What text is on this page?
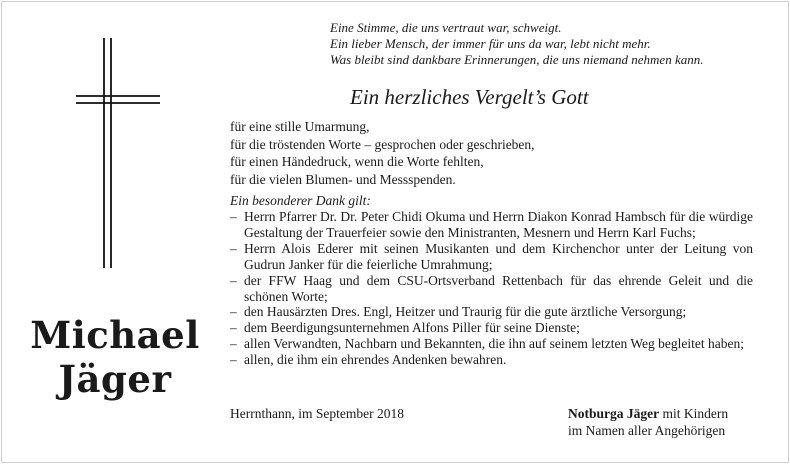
Michael
Jäger
Eine Stimme, die uns vertraut war, schweigt.
Ein lieber Mensch, der immer für uns da war, lebt nicht mehr.
Was bleibt sind dankbare Erinnerungen, die uns niemand nehmen kann.
Ein herzliches Vergelt’s Gott
für eine stille Umarmung,
für die tröstenden Worte – gesprochen oder geschrieben,
für einen Händedruck, wenn die Worte fehlten,
für die vielen Blumen- und Messspenden.
Ein besonderer Dank gilt:
– Herrn Pfarrer Dr. Dr. Peter Chidi Okuma und Herrn Diakon Konrad Hambsch für die würdige Gestaltung der Trauerfeier sowie den Ministranten, Mesnern und Herrn Karl Fuchs;
– Herrn Alois Ederer mit seinen Musikanten und dem Kirchenchor unter der Leitung von Gudrun Janker für die feierliche Umrahmung;
– der FFW Haag und dem CSU-Ortsverband Rettenbach für das ehrende Geleit und die schönen Worte;
– den Hausärzten Dres. Engl, Heitzer und Traurig für die gute ärztliche Versorgung;
– dem Beerdigungsunternehmen Alfons Piller für seine Dienste;
– allen Verwandten, Nachbarn und Bekannten, die ihn auf seinem letzten Weg begleitet haben;
– allen, die ihm ein ehrendes Andenken bewahren.
Herrnthann, im September 2018	Notburga Jäger mit Kindern
im Namen aller Angehörigen
